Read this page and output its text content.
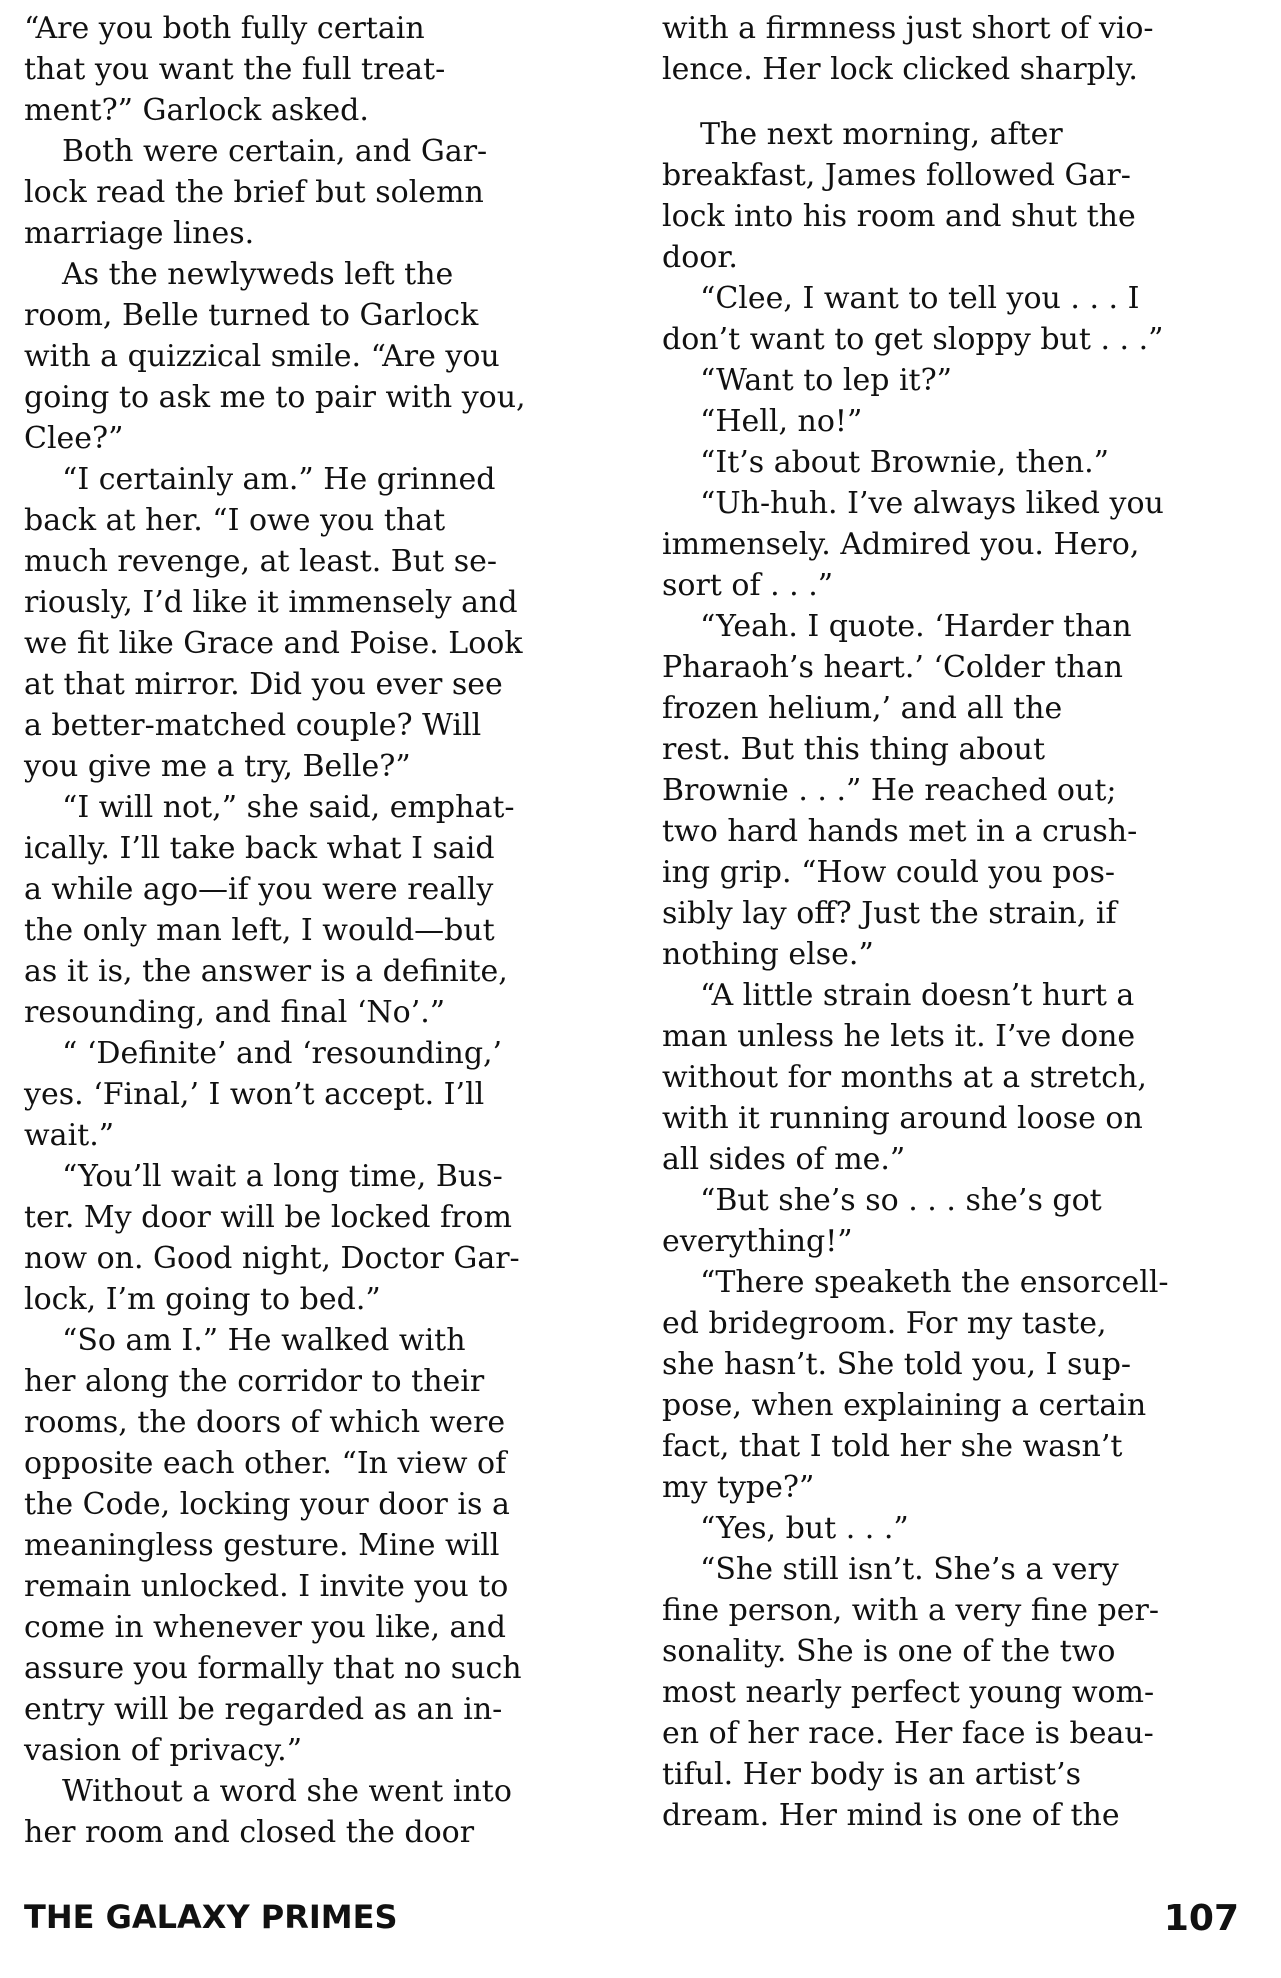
“Are you both fully certain
that you want the full treat-
ment?” Garlock asked.

Both were certain, and Gar-
lock read the brief but solemn
marriage lines.

As the newlyweds left the
room, Belle turned to Garlock
with a quizzical smile. “Are you
going to ask me to pair with you,
Clee?”

“I certainly am.” He grinned
back at her. “I owe you that
much revenge, at least. But se-
riously, I’d like it immensely and
we fit like Grace and Poise. Look
at that mirror. Did you ever see
a better-matched couple? Will
you give me a try, Belle?”

“I will not,” she said, emphat-
ically. I’ll take back what I said
a while ago—if you were really
the only man left, I would—but
as it is, the answer is a definite,
resounding, and final ‘No’.”

“ ‘Definite’ and ‘resounding,’
yes. ‘Final,’ I won’t accept. I’ll
wait.”

“You’ll wait a long time, Bus-
ter. My door will be locked from
now on. Good night, Doctor Gar-
lock, I’m going to bed.”

“So am I.” He walked with
her along the corridor to their
rooms, the doors of which were
opposite each other. “In view of
the Code, locking your door is a
meaningless gesture. Mine will
remain unlocked. I invite you to
come in whenever you like, and
assure you formally that no such
entry will be regarded as an in-
vasion of privacy.”

Without a word she went into
her room and closed the door

with a firmness just short of vio-
lence. Her lock clicked sharply.

The next morning, after
breakfast, James followed Gar-
lock into his room and shut the
door.

“Clee, I want to tell you . . . I
don’t want to get sloppy but . . .”

“Want to lep it?”

“Hell, no!”

“It’s about Brownie, then.”

“Uh-huh. I’ve always liked you
immensely. Admired you. Hero,
sort of . . .”

“Yeah. I quote. ‘Harder than
Pharaoh’s heart.’ ‘Colder than
frozen helium,’ and all the
rest. But this thing about
Brownie . . .” He reached out;
two hard hands met in a crush-
ing grip. “How could you pos-
sibly lay off? Just the strain, if
nothing else.”

“A little strain doesn’t hurt a
man unless he lets it. I’ve done
without for months at a stretch,
with it running around loose on
all sides of me.”

“But she’s so . . . she’s got
everything!”

“There speaketh the ensorcell-
ed bridegroom. For my taste,
she hasn’t. She told you, I sup-
pose, when explaining a certain
fact, that I told her she wasn’t
my type?”

“Yes, but . . .”

“She still isn’t. She’s a very
fine person, with a very fine per-
sonality. She is one of the two
most nearly perfect young wom-
en of her race. Her face is beau-
tiful. Her body is an artist’s
dream. Her mind is one of the

THE GALAXY PRIMES	107
